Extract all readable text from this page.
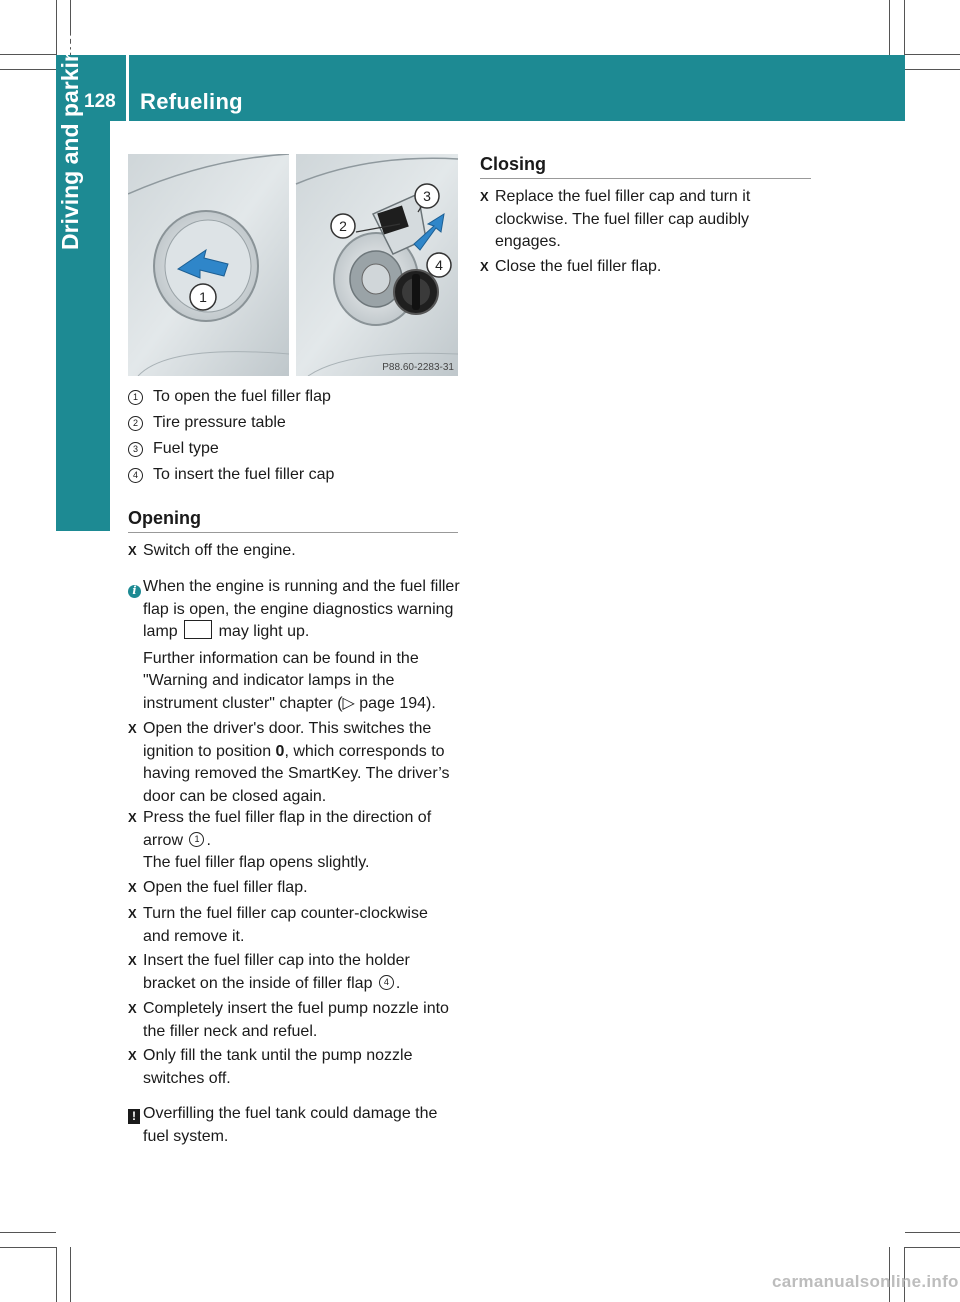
128 Refueling
Driving and parking
1
2
3
4
P88.60-2283-31
1 To open the fuel filler flap
2 Tire pressure table
3 Fuel type
4 To insert the fuel filler cap
Opening
X Switch off the engine.
i When the engine is running and the fuel filler flap is open, the engine diagnostics warning lamp	may light up.
Further information can be found in the "Warning and indicator lamps in the instrument cluster" chapter (▷ page 194).
X Open the driver's door. This switches the ignition to position 0, which corresponds to having removed the SmartKey. The driver’s door can be closed again.
X Press the fuel filler flap in the direction of arrow 1 .
The fuel filler flap opens slightly.
X Open the fuel filler flap.
X Turn the fuel filler cap counter-clockwise and remove it.
X Insert the fuel filler cap into the holder bracket on the inside of filler flap 4 .
X Completely insert the fuel pump nozzle into the filler neck and refuel.
X Only fill the tank until the pump nozzle switches off.
! Overfilling the fuel tank could damage the fuel system.
Closing
X Replace the fuel filler cap and turn it clockwise. The fuel filler cap audibly engages.
X Close the fuel filler flap.
carmanualsonline.info
